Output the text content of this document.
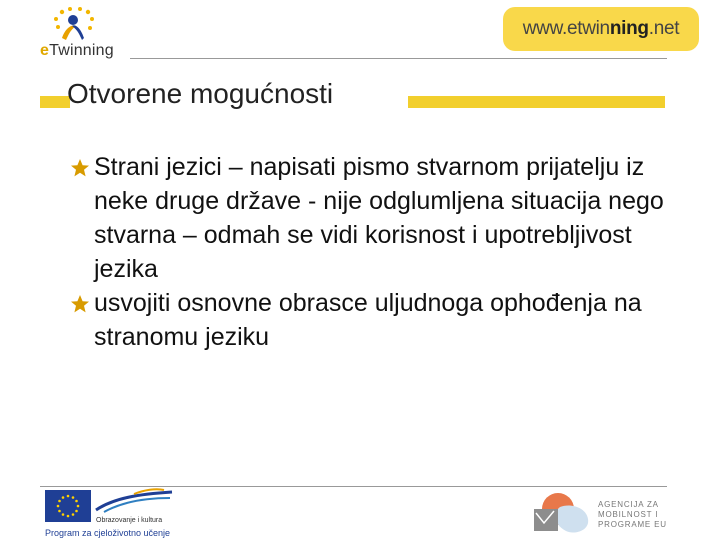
eTwinning
www.etwin ning .net
Otvorene mogućnosti
Strani jezici – napisati pismo stvarnom prijatelju iz neke druge države - nije odglumljena situacija nego stvarna – odmah se vidi korisnost i upotrebljivost jezika
usvojiti osnovne obrasce uljudnoga ophođenja na stranomu jeziku
Obrazovanje i kultura
Program za cjeloživotno učenje
AGENCIJA ZA
MOBILNOST I
PROGRAME EU
